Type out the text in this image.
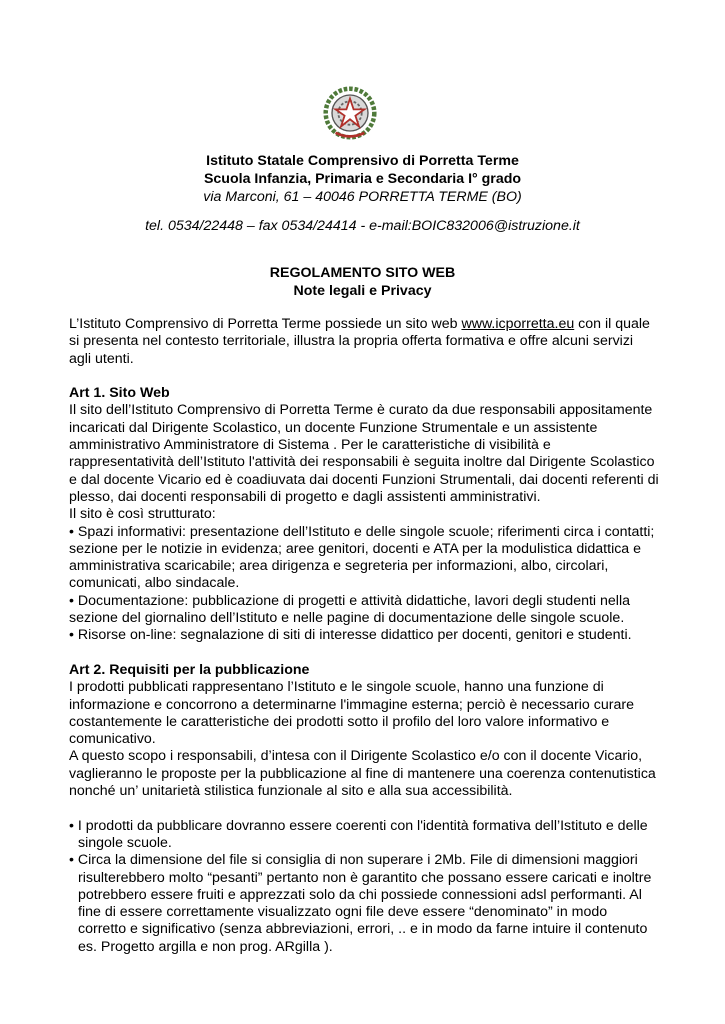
Istituto Statale Comprensivo di Porretta Terme
Scuola Infanzia, Primaria e Secondaria I° grado
via Marconi, 61 – 40046 PORRETTA TERME (BO)
tel. 0534/22448 – fax 0534/24414 - e-mail:BOIC832006@istruzione.it
REGOLAMENTO SITO WEB
Note legali e Privacy

L’Istituto Comprensivo di Porretta Terme possiede un sito web www.icporretta.eu con il quale si presenta nel contesto territoriale, illustra la propria offerta formativa e offre alcuni servizi agli utenti.

Art 1. Sito Web

Il sito dell’Istituto Comprensivo di Porretta Terme è curato da due responsabili appositamente incaricati dal Dirigente Scolastico, un docente Funzione Strumentale e un assistente amministrativo Amministratore di Sistema . Per le caratteristiche di visibilità e rappresentatività dell’Istituto l'attività dei responsabili è seguita inoltre dal Dirigente Scolastico e dal docente Vicario ed è coadiuvata dai docenti Funzioni Strumentali, dai docenti referenti di plesso, dai docenti responsabili di progetto e dagli assistenti amministrativi.

Il sito è così strutturato:

• Spazi informativi: presentazione dell’Istituto e delle singole scuole; riferimenti circa i contatti; sezione per le notizie in evidenza; aree genitori, docenti e ATA per la modulistica didattica e amministrativa scaricabile; area dirigenza e segreteria per informazioni, albo, circolari, comunicati, albo sindacale.

• Documentazione: pubblicazione di progetti e attività didattiche, lavori degli studenti nella sezione del giornalino dell’Istituto e nelle pagine di documentazione delle singole scuole.

• Risorse on-line: segnalazione di siti di interesse didattico per docenti, genitori e studenti.

Art 2. Requisiti per la pubblicazione

I prodotti pubblicati rappresentano l’Istituto e le singole scuole, hanno una funzione di informazione e concorrono a determinarne l'immagine esterna; perciò è necessario curare costantemente le caratteristiche dei prodotti sotto il profilo del loro valore informativo e comunicativo.

A questo scopo i responsabili, d’intesa con il Dirigente Scolastico e/o con il docente Vicario, vaglieranno le proposte per la pubblicazione al fine di mantenere una coerenza contenutistica nonché un’ unitarietà stilistica funzionale al sito e alla sua accessibilità.

• I prodotti da pubblicare dovranno essere coerenti con l'identità formativa dell’Istituto e delle singole scuole.

• Circa la dimensione del file si consiglia di non superare i 2Mb. File di dimensioni maggiori risulterebbero molto “pesanti” pertanto non è garantito che possano essere caricati e inoltre potrebbero essere fruiti e apprezzati solo da chi possiede connessioni adsl performanti. Al fine di essere correttamente visualizzato ogni file deve essere “denominato” in modo corretto e significativo (senza abbreviazioni, errori, .. e in modo da farne intuire il contenuto es. Progetto argilla e non prog. ARgilla ).
